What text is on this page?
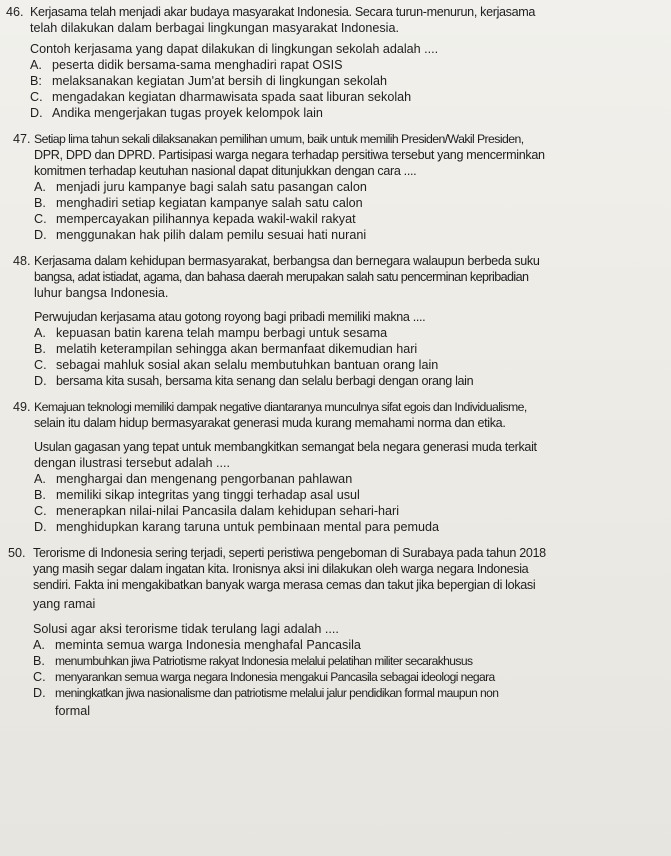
46. Kerjasama telah menjadi akar budaya masyarakat Indonesia. Secara turun-menurun, kerjasama
telah dilakukan dalam berbagai lingkungan masyarakat Indonesia.
Contoh kerjasama yang dapat dilakukan di lingkungan sekolah adalah ....
A. peserta didik bersama-sama menghadiri rapat OSIS
B: melaksanakan kegiatan Jum'at bersih di lingkungan sekolah
C. mengadakan kegiatan dharmawisata spada saat liburan sekolah
D. Andika mengerjakan tugas proyek kelompok lain
47. Setiap lima tahun sekali dilaksanakan pemilihan umum, baik untuk memilih Presiden/Wakil Presiden,
DPR, DPD dan DPRD. Partisipasi warga negara terhadap persitiwa tersebut yang mencerminkan
komitmen terhadap keutuhan nasional dapat ditunjukkan dengan cara ....
A. menjadi juru kampanye bagi salah satu pasangan calon
B. menghadiri setiap kegiatan kampanye salah satu calon
C. mempercayakan pilihannya kepada wakil-wakil rakyat
D. menggunakan hak pilih dalam pemilu sesuai hati nurani
48. Kerjasama dalam kehidupan bermasyarakat, berbangsa dan bernegara walaupun berbeda suku
bangsa, adat istiadat, agama, dan bahasa daerah merupakan salah satu pencerminan kepribadian
luhur bangsa Indonesia.
Perwujudan kerjasama atau gotong royong bagi pribadi memiliki makna ....
A. kepuasan batin karena telah mampu berbagi untuk sesama
B. melatih keterampilan sehingga akan bermanfaat dikemudian hari
C. sebagai mahluk sosial akan selalu membutuhkan bantuan orang lain
D. bersama kita susah, bersama kita senang dan selalu berbagi dengan orang lain
49. Kemajuan teknologi memiliki dampak negative diantaranya munculnya sifat egois dan Individualisme,
selain itu dalam hidup bermasyarakat generasi muda kurang memahami norma dan etika.
Usulan gagasan yang tepat untuk membangkitkan semangat bela negara generasi muda terkait
dengan ilustrasi tersebut adalah ....
A. menghargai dan mengenang pengorbanan pahlawan
B. memiliki sikap integritas yang tinggi terhadap asal usul
C. menerapkan nilai-nilai Pancasila dalam kehidupan sehari-hari
D. menghidupkan karang taruna untuk pembinaan mental para pemuda
50. Terorisme di Indonesia sering terjadi, seperti peristiwa pengeboman di Surabaya pada tahun 2018
yang masih segar dalam ingatan kita. Ironisnya aksi ini dilakukan oleh warga negara Indonesia
sendiri. Fakta ini mengakibatkan banyak warga merasa cemas dan takut jika bepergian di lokasi
yang ramai
Solusi agar aksi terorisme tidak terulang lagi adalah ....
A. meminta semua warga Indonesia menghafal Pancasila
B. menumbuhkan jiwa Patriotisme rakyat Indonesia melalui pelatihan militer secarakhusus
C. menyarankan semua warga negara Indonesia mengakui Pancasila sebagai ideologi negara
D. meningkatkan jiwa nasionalisme dan patriotisme melalui jalur pendidikan formal maupun non
formal
